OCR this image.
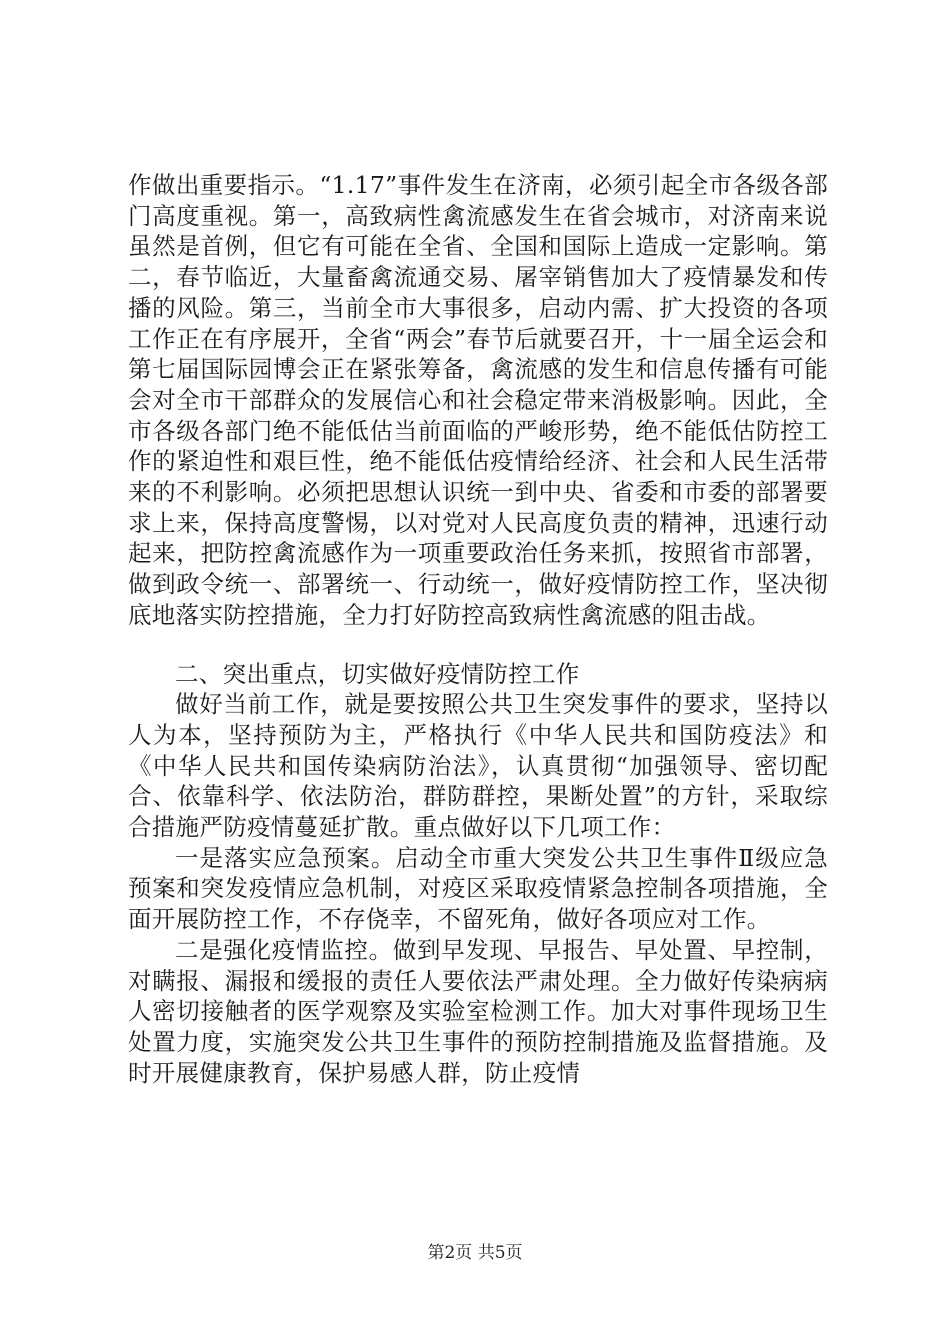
作做出重要指示。“1.17”事件发生在济南，必须引起全市各级各部门高度重视。第一，高致病性禽流感发生在省会城市，对济南来说虽然是首例，但它有可能在全省、全国和国际上造成一定影响。第二，春节临近，大量畜禽流通交易、屠宰销售加大了疫情暴发和传播的风险。第三，当前全市大事很多，启动内需、扩大投资的各项工作正在有序展开，全省“两会”春节后就要召开，十一届全运会和第七届国际园博会正在紧张筹备，禽流感的发生和信息传播有可能会对全市干部群众的发展信心和社会稳定带来消极影响。因此，全市各级各部门绝不能低估当前面临的严峻形势，绝不能低估防控工作的紧迫性和艰巨性，绝不能低估疫情给经济、社会和人民生活带来的不利影响。必须把思想认识统一到中央、省委和市委的部署要求上来，保持高度警惕，以对党对人民高度负责的精神，迅速行动起来，把防控禽流感作为一项重要政治任务来抓，按照省市部署，做到政令统一、部署统一、行动统一，做好疫情防控工作，坚决彻底地落实防控措施，全力打好防控高致病性禽流感的阻击战。

二、突出重点，切实做好疫情防控工作

做好当前工作，就是要按照公共卫生突发事件的要求，坚持以人为本，坚持预防为主，严格执行《中华人民共和国防疫法》和《中华人民共和国传染病防治法》，认真贯彻“加强领导、密切配合、依靠科学、依法防治，群防群控，果断处置”的方针，采取综合措施严防疫情蔓延扩散。重点做好以下几项工作：

一是落实应急预案。启动全市重大突发公共卫生事件Ⅱ级应急预案和突发疫情应急机制，对疫区采取疫情紧急控制各项措施，全面开展防控工作，不存侥幸，不留死角，做好各项应对工作。

二是强化疫情监控。做到早发现、早报告、早处置、早控制，对瞒报、漏报和缓报的责任人要依法严肃处理。全力做好传染病病人密切接触者的医学观察及实验室检测工作。加大对事件现场卫生处置力度，实施突发公共卫生事件的预防控制措施及监督措施。及时开展健康教育，保护易感人群，防止疫情

第2页 共5页
